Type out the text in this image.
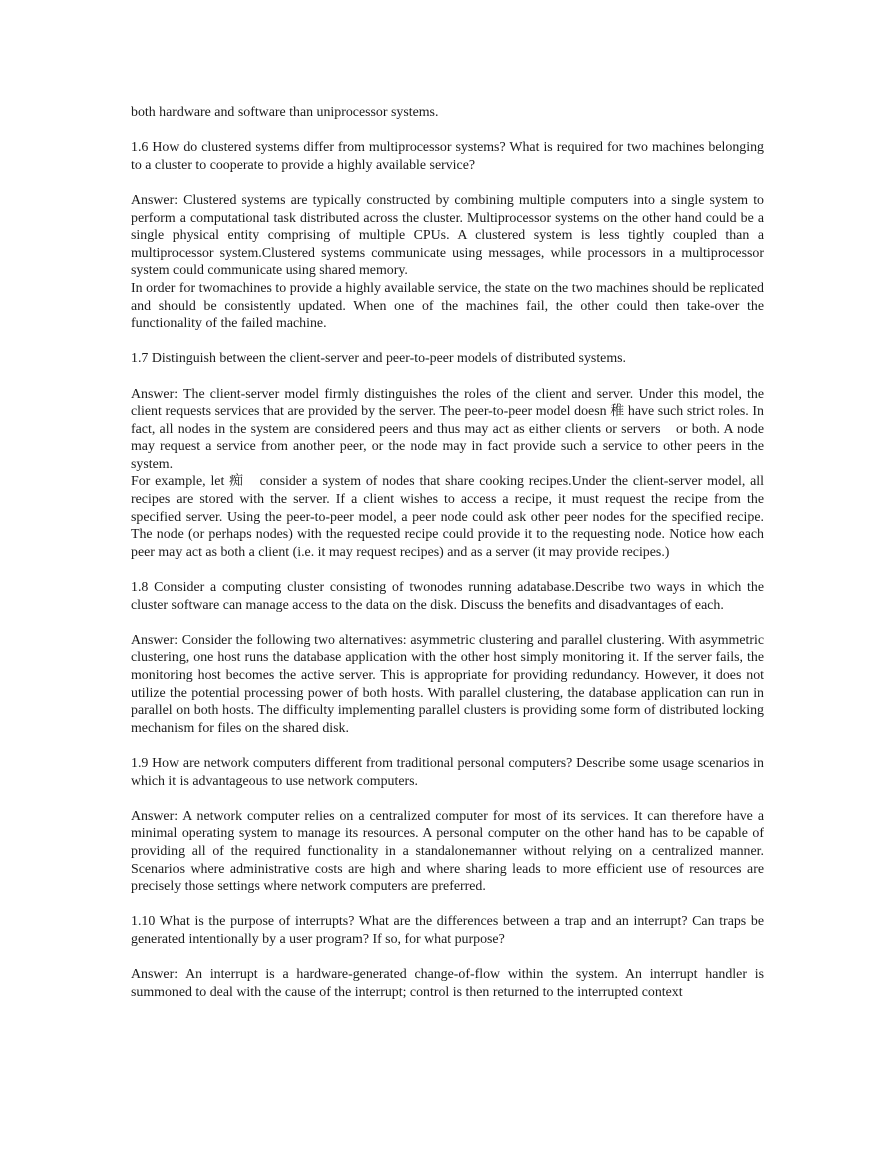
both hardware and software than uniprocessor systems.

1.6 How do clustered systems differ from multiprocessor systems? What is required for two machines belonging to a cluster to cooperate to provide a highly available service?

Answer: Clustered systems are typically constructed by combining multiple computers into a single system to perform a computational task distributed across the cluster. Multiprocessor systems on the other hand could be a single physical entity comprising of multiple CPUs. A clustered system is less tightly coupled than a multiprocessor system.Clustered systems communicate using messages, while processors in a multiprocessor system could communicate using shared memory.

In order for twomachines to provide a highly available service, the state on the two machines should be replicated and should be consistently updated. When one of the machines fail, the other could then take-over the functionality of the failed machine.

1.7 Distinguish between the client-server and peer-to-peer models of distributed systems.

Answer: The client-server model firmly distinguishes the roles of the client and server. Under this model, the client requests services that are provided by the server. The peer-to-peer model doesn 稚 have such strict roles. In fact, all nodes in the system are considered peers and thus may act as either clients or servers　or both. A node may request a service from another peer, or the node may in fact provide such a service to other peers in the system.

For example, let 痴　consider a system of nodes that share cooking recipes.Under the client-server model, all recipes are stored with the server. If a client wishes to access a recipe, it must request the recipe from the specified server. Using the peer-to-peer model, a peer node could ask other peer nodes for the specified recipe. The node (or perhaps nodes) with the requested recipe could provide it to the requesting node. Notice how each peer may act as both a client (i.e. it may request recipes) and as a server (it may provide recipes.)

1.8 Consider a computing cluster consisting of twonodes running adatabase.Describe two ways in which the cluster software can manage access to the data on the disk. Discuss the benefits and disadvantages of each.

Answer: Consider the following two alternatives: asymmetric clustering and parallel clustering. With asymmetric clustering, one host runs the database application with the other host simply monitoring it. If the server fails, the monitoring host becomes the active server. This is appropriate for providing redundancy. However, it does not utilize the potential processing power of both hosts. With parallel clustering, the database application can run in parallel on both hosts. The difficulty implementing parallel clusters is providing some form of distributed locking mechanism for files on the shared disk.

1.9 How are network computers different from traditional personal computers? Describe some usage scenarios in which it is advantageous to use network computers.

Answer: A network computer relies on a centralized computer for most of its services. It can therefore have a minimal operating system to manage its resources. A personal computer on the other hand has to be capable of providing all of the required functionality in a standalonemanner without relying on a centralized manner. Scenarios where administrative costs are high and where sharing leads to more efficient use of resources are precisely those settings where network computers are preferred.

1.10 What is the purpose of interrupts? What are the differences between a trap and an interrupt? Can traps be generated intentionally by a user program? If so, for what purpose?

Answer: An interrupt is a hardware-generated change-of-flow within the system. An interrupt handler is summoned to deal with the cause of the interrupt; control is then returned to the interrupted context
